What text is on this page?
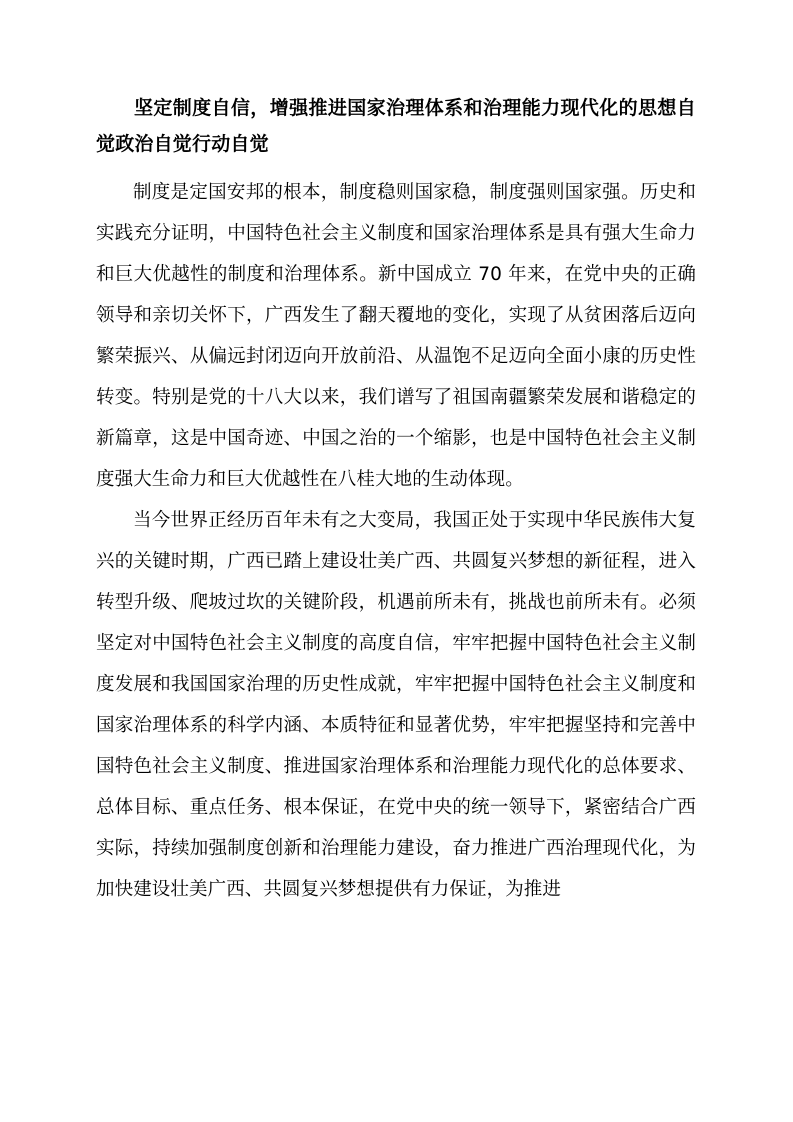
坚定制度自信，增强推进国家治理体系和治理能力现代化的思想自觉政治自觉行动自觉

制度是定国安邦的根本，制度稳则国家稳，制度强则国家强。历史和实践充分证明，中国特色社会主义制度和国家治理体系是具有强大生命力和巨大优越性的制度和治理体系。新中国成立 70 年来，在党中央的正确领导和亲切关怀下，广西发生了翻天覆地的变化，实现了从贫困落后迈向繁荣振兴、从偏远封闭迈向开放前沿、从温饱不足迈向全面小康的历史性转变。特别是党的十八大以来，我们谱写了祖国南疆繁荣发展和谐稳定的新篇章，这是中国奇迹、中国之治的一个缩影，也是中国特色社会主义制度强大生命力和巨大优越性在八桂大地的生动体现。

当今世界正经历百年未有之大变局，我国正处于实现中华民族伟大复兴的关键时期，广西已踏上建设壮美广西、共圆复兴梦想的新征程，进入转型升级、爬坡过坎的关键阶段，机遇前所未有，挑战也前所未有。必须坚定对中国特色社会主义制度的高度自信，牢牢把握中国特色社会主义制度发展和我国国家治理的历史性成就，牢牢把握中国特色社会主义制度和国家治理体系的科学内涵、本质特征和显著优势，牢牢把握坚持和完善中国特色社会主义制度、推进国家治理体系和治理能力现代化的总体要求、总体目标、重点任务、根本保证，在党中央的统一领导下，紧密结合广西实际，持续加强制度创新和治理能力建设，奋力推进广西治理现代化，为加快建设壮美广西、共圆复兴梦想提供有力保证，为推进
